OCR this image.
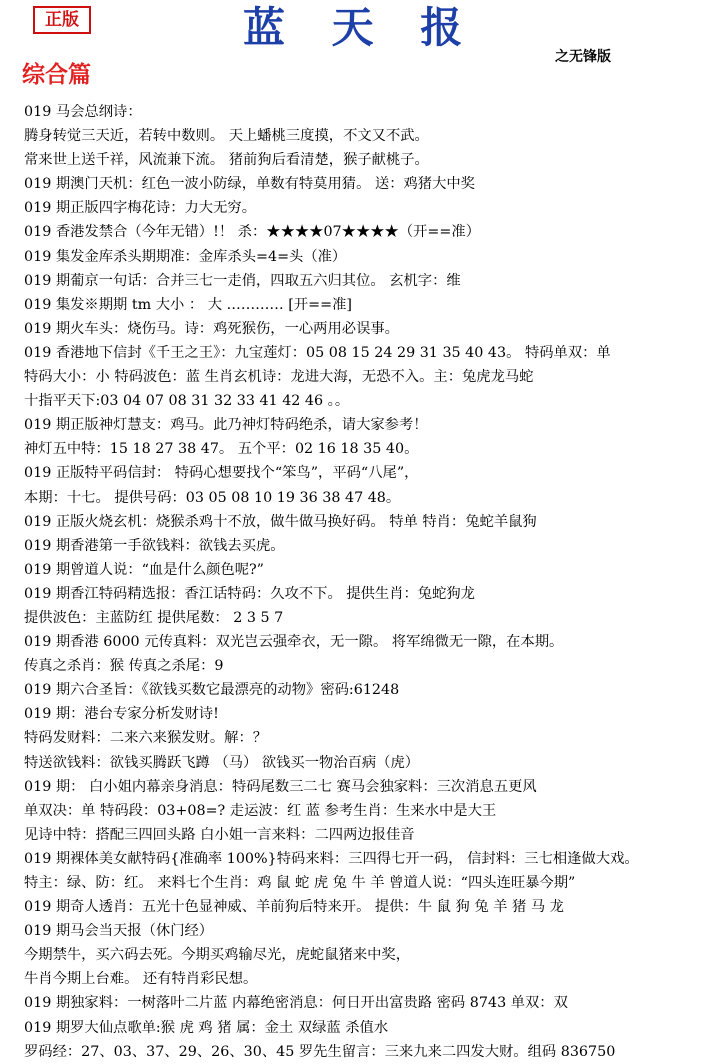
正版	蓝 天 报
之无锋版
综合篇
019 马会总纲诗：
腾身转觉三天近，若转中数则。 天上蟠桃三度摸，不文又不武。
常来世上送千祥，风流兼下流。 猪前狗后看清楚，猴子献桃子。
019 期澳门天机：红色一波小防绿，单数有特莫用猜。 送：鸡猪大中奖
019 期正版四字梅花诗：力大无穷。
019 香港发禁合（今年无错）!！ 杀：★★★★07★★★★（开==准）
019 集发金库杀头期期准：金库杀头=4=头（准）
019 期葡京一句话：合并三七一走俏，四取五六归其位。 玄机字：维
019 集发※期期 tm 大小 ： 大 ………… [开==准]
019 期火车头：烧伤马。诗：鸡死猴伤，一心两用必误事。
019 香港地下信封《千王之王》：九宝莲灯：05 08 15 24 29 31 35 40 43。 特码单双：单
特码大小：小 特码波色：蓝 生肖玄机诗：龙进大海，无恐不入。主：兔虎龙马蛇
十指平天下:03 04 07 08 31 32 33 41 42 46 。。
019 期正版神灯慧支：鸡马。此乃神灯特码绝杀，请大家参考！
神灯五中特：15 18 27 38 47。 五个平：02 16 18 35 40。
019 正版特平码信封： 特码心想要找个“笨鸟”，平码“八尾”，
本期：十七。 提供号码：03 05 08 10 19 36 38 47 48。
019 正版火烧玄机：烧猴杀鸡十不放，做牛做马换好码。 特单 特肖：兔蛇羊鼠狗
019 期香港第一手欲钱料：欲钱去买虎。
019 期曾道人说：“血是什么颜色呢?”
019 期香江特码精选报：香江话特码：久攻不下。 提供生肖：兔蛇狗龙
提供波色：主蓝防红 提供尾数： 2 3 5 7
019 期香港 6000 元传真料：双光岂云强牵衣，无一隙。 将军绵微无一隙，在本期。
传真之杀肖：猴 传真之杀尾：9
019 期六合圣旨：《欲钱买数它最漂亮的动物》密码:61248
019 期：港台专家分析发财诗!
特码发财料：二来六来猴发财。解：？
特送欲钱料：欲钱买腾跃飞蹲 （马） 欲钱买一物治百病（虎）
019 期： 白小姐内幕亲身消息：特码尾数三二七 赛马会独家料：三次消息五更风
单双决：单 特码段：03+08=? 走运波：红 蓝 参考生肖：生来水中是大王
见诗中特：搭配三四回头路 白小姐一言来料：二四两边报佳音
019 期裸体美女献特码{准确率 100%}特码来料：三四得七开一码， 信封料：三七相逢做大戏。
特主：绿、防：红。 来料七个生肖：鸡 鼠 蛇 虎 兔 牛 羊 曾道人说：“四头连旺暴今期”
019 期奇人透肖：五光十色显神威、羊前狗后特来开。 提供：牛 鼠 狗 兔 羊 猪 马 龙
019 期马会当天报（休门经）
今期禁牛，买六码去死。今期买鸡输尽光，虎蛇鼠猪来中奖，
牛肖今期上台难。 还有特肖彩民想。
019 期独家料：一树落叶二片蓝 内幕绝密消息：何日开出富贵路 密码 8743 单双：双
019 期罗大仙点歌单:猴 虎 鸡 猪 属：金土 双绿蓝 杀值水
罗码经：27、03、37、29、26、30、45 罗先生留言：三来九来二四发大财。组码 836750
